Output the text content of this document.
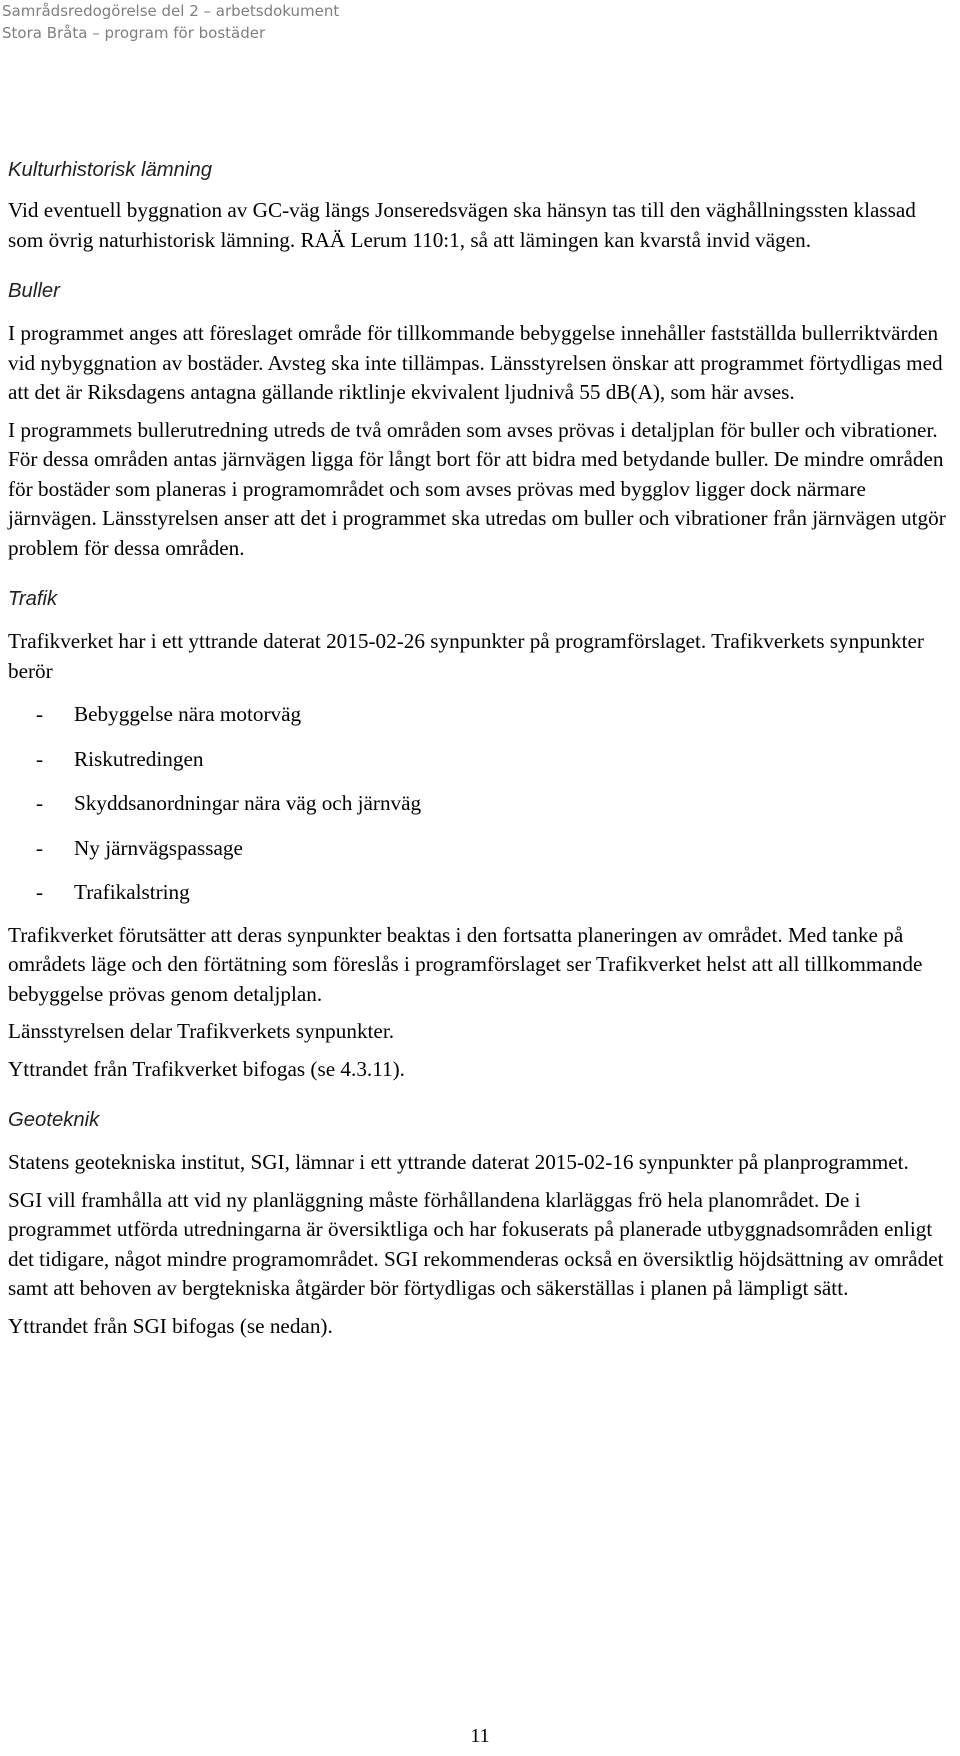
Samrådsredogörelse del 2 – arbetsdokument
Stora Bråta – program för bostäder
Kulturhistorisk lämning

Vid eventuell byggnation av GC-väg längs Jonseredsvägen ska hänsyn tas till den väghållningssten klassad som övrig naturhistorisk lämning. RAÄ Lerum 110:1, så att lämingen kan kvarstå invid vägen.

Buller

I programmet anges att föreslaget område för tillkommande bebyggelse innehåller fastställda bullerriktvärden vid nybyggnation av bostäder. Avsteg ska inte tillämpas. Länsstyrelsen önskar att programmet förtydligas med att det är Riksdagens antagna gällande riktlinje ekvivalent ljudnivå 55 dB(A), som här avses.

I programmets bullerutredning utreds de två områden som avses prövas i detaljplan för buller och vibrationer. För dessa områden antas järnvägen ligga för långt bort för att bidra med betydande buller. De mindre områden för bostäder som planeras i programområdet och som avses prövas med bygglov ligger dock närmare järnvägen. Länsstyrelsen anser att det i programmet ska utredas om buller och vibrationer från järnvägen utgör problem för dessa områden.

Trafik

Trafikverket har i ett yttrande daterat 2015-02-26 synpunkter på programförslaget. Trafikverkets synpunkter berör

-	Bebyggelse nära motorväg
-	Riskutredingen
-	Skyddsanordningar nära väg och järnväg
-	Ny järnvägspassage
-	Trafikalstring

Trafikverket förutsätter att deras synpunkter beaktas i den fortsatta planeringen av området. Med tanke på områdets läge och den förtätning som föreslås i programförslaget ser Trafikverket helst att all tillkommande bebyggelse prövas genom detaljplan.

Länsstyrelsen delar Trafikverkets synpunkter.

Yttrandet från Trafikverket bifogas (se 4.3.11).

Geoteknik

Statens geotekniska institut, SGI, lämnar i ett yttrande daterat 2015-02-16 synpunkter på planprogrammet.

SGI vill framhålla att vid ny planläggning måste förhållandena klarläggas frö hela planområdet. De i programmet utförda utredningarna är översiktliga och har fokuserats på planerade utbyggnadsområden enligt det tidigare, något mindre programområdet. SGI rekommenderas också en översiktlig höjdsättning av området samt att behoven av bergtekniska åtgärder bör förtydligas och säkerställas i planen på lämpligt sätt.

Yttrandet från SGI bifogas (se nedan).

11
